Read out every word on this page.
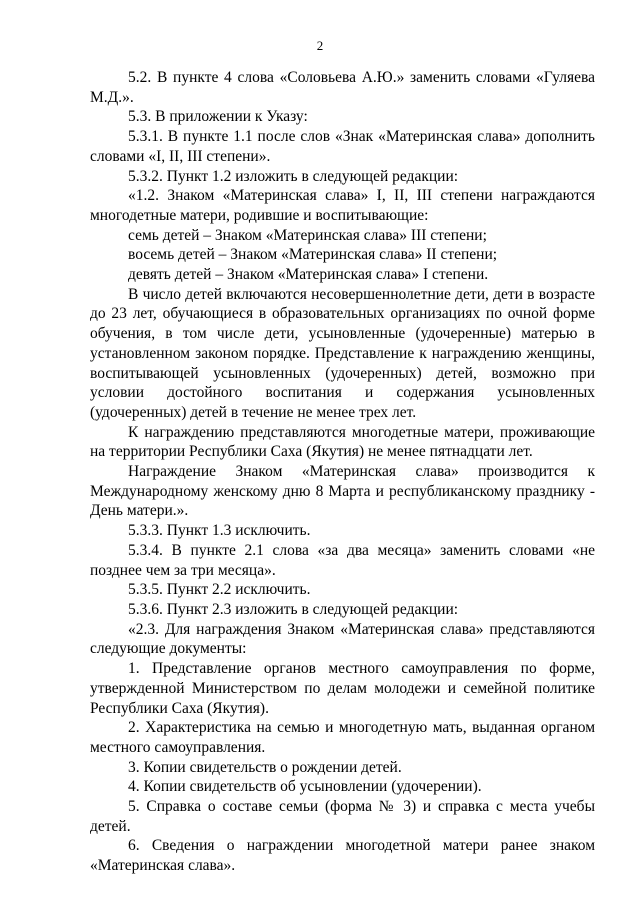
2

5.2. В пункте 4 слова «Соловьева А.Ю.» заменить словами «Гуляева М.Д.».

5.3. В приложении к Указу:

5.3.1. В пункте 1.1 после слов «Знак «Материнская слава» дополнить словами «I, II, III степени».

5.3.2. Пункт 1.2 изложить в следующей редакции:

«1.2. Знаком «Материнская слава» I, II, III степени награждаются многодетные матери, родившие и воспитывающие:

семь детей – Знаком «Материнская слава» III степени;

восемь детей – Знаком «Материнская слава» II степени;

девять детей – Знаком «Материнская слава» I степени.

В число детей включаются несовершеннолетние дети, дети в возрасте до 23 лет, обучающиеся в образовательных организациях по очной форме обучения, в том числе дети, усыновленные (удочеренные) матерью в установленном законом порядке. Представление к награждению женщины, воспитывающей усыновленных (удочеренных) детей, возможно при условии достойного воспитания и содержания усыновленных (удочеренных) детей в течение не менее трех лет.

К награждению представляются многодетные матери, проживающие на территории Республики Саха (Якутия) не менее пятнадцати лет.

Награждение Знаком «Материнская слава» производится к Международному женскому дню 8 Марта и республиканскому празднику - День матери.».

5.3.3. Пункт 1.3 исключить.

5.3.4. В пункте 2.1 слова «за два месяца» заменить словами «не позднее чем за три месяца».

5.3.5. Пункт 2.2 исключить.

5.3.6. Пункт 2.3 изложить в следующей редакции:

«2.3. Для награждения Знаком «Материнская слава» представляются следующие документы:

1. Представление органов местного самоуправления по форме, утвержденной Министерством по делам молодежи и семейной политике Республики Саха (Якутия).

2. Характеристика на семью и многодетную мать, выданная органом местного самоуправления.

3. Копии свидетельств о рождении детей.

4. Копии свидетельств об усыновлении (удочерении).

5. Справка о составе семьи (форма № 3) и справка с места учебы детей.

6. Сведения о награждении многодетной матери ранее знаком «Материнская слава».
